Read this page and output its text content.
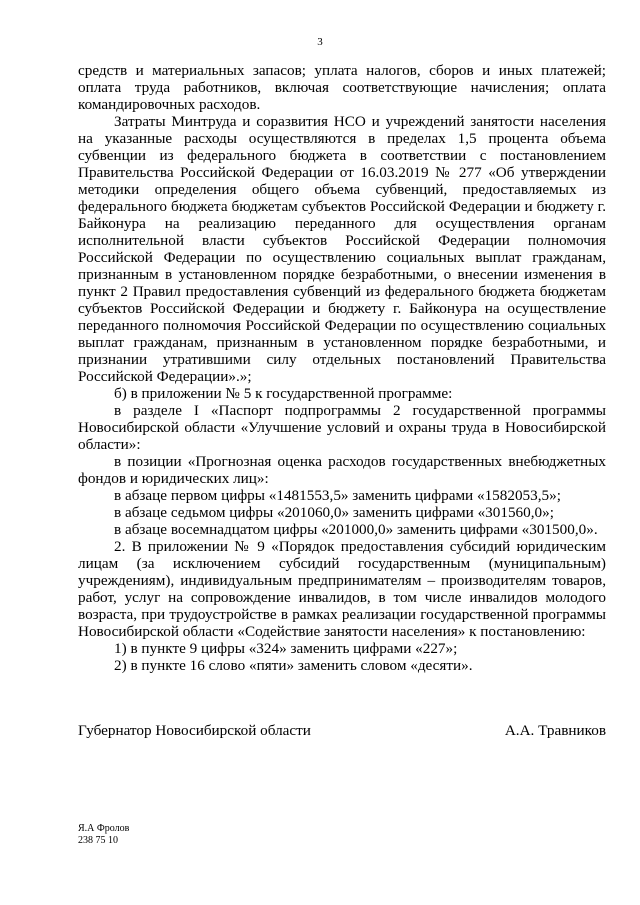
3

средств и материальных запасов; уплата налогов, сборов и иных платежей; оплата труда работников, включая соответствующие начисления; оплата командировочных расходов.

Затраты Минтруда и соразвития НСО и учреждений занятости населения на указанные расходы осуществляются в пределах 1,5 процента объема субвенции из федерального бюджета в соответствии с постановлением Правительства Российской Федерации от 16.03.2019 № 277 «Об утверждении методики определения общего объема субвенций, предоставляемых из федерального бюджета бюджетам субъектов Российской Федерации и бюджету г. Байконура на реализацию переданного для осуществления органам исполнительной власти субъектов Российской Федерации полномочия Российской Федерации по осуществлению социальных выплат гражданам, признанным в установленном порядке безработными, о внесении изменения в пункт 2 Правил предоставления субвенций из федерального бюджета бюджетам субъектов Российской Федерации и бюджету г. Байконура на осуществление переданного полномочия Российской Федерации по осуществлению социальных выплат гражданам, признанным в установленном порядке безработными, и признании утратившими силу отдельных постановлений Правительства Российской Федерации».»;

б) в приложении № 5 к государственной программе:

в разделе I «Паспорт подпрограммы 2 государственной программы Новосибирской области «Улучшение условий и охраны труда в Новосибирской области»:

в позиции «Прогнозная оценка расходов государственных внебюджетных фондов и юридических лиц»:

в абзаце первом цифры «1481553,5» заменить цифрами «1582053,5»;

в абзаце седьмом цифры «201060,0» заменить цифрами «301560,0»;

в абзаце восемнадцатом цифры «201000,0» заменить цифрами «301500,0».

2. В приложении № 9 «Порядок предоставления субсидий юридическим лицам (за исключением субсидий государственным (муниципальным) учреждениям), индивидуальным предпринимателям – производителям товаров, работ, услуг на сопровождение инвалидов, в том числе инвалидов молодого возраста, при трудоустройстве в рамках реализации государственной программы Новосибирской области «Содействие занятости населения» к постановлению:

1) в пункте 9 цифры «324» заменить цифрами «227»;

2) в пункте 16 слово «пяти» заменить словом «десяти».

Губернатор Новосибирской области	А.А. Травников
Я.А Фролов
238 75 10
